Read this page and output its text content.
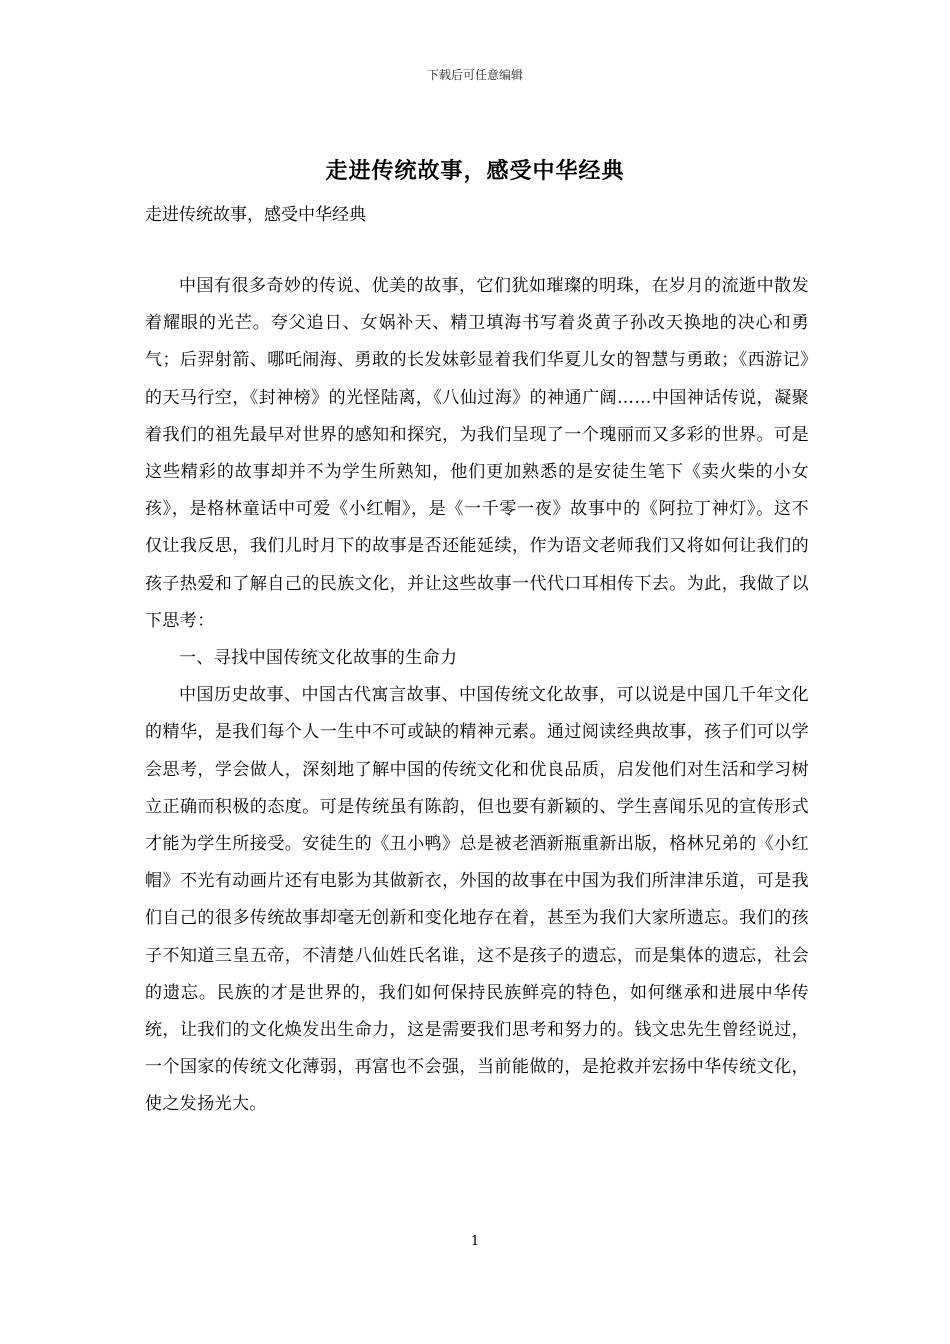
下载后可任意编辑
走进传统故事，感受中华经典
走进传统故事，感受中华经典

中国有很多奇妙的传说、优美的故事，它们犹如璀璨的明珠，在岁月的流逝中散发着耀眼的光芒。夸父追日、女娲补天、精卫填海书写着炎黄子孙改天换地的决心和勇气；后羿射箭、哪吒闹海、勇敢的长发妹彰显着我们华夏儿女的智慧与勇敢；《西游记》的天马行空，《封神榜》的光怪陆离，《八仙过海》的神通广阔……中国神话传说，凝聚着我们的祖先最早对世界的感知和探究，为我们呈现了一个瑰丽而又多彩的世界。可是这些精彩的故事却并不为学生所熟知，他们更加熟悉的是安徒生笔下《卖火柴的小女孩》，是格林童话中可爱《小红帽》，是《一千零一夜》故事中的《阿拉丁神灯》。这不仅让我反思，我们儿时月下的故事是否还能延续，作为语文老师我们又将如何让我们的孩子热爱和了解自己的民族文化，并让这些故事一代代口耳相传下去。为此，我做了以下思考：

一、寻找中国传统文化故事的生命力

中国历史故事、中国古代寓言故事、中国传统文化故事，可以说是中国几千年文化的精华，是我们每个人一生中不可或缺的精神元素。通过阅读经典故事，孩子们可以学会思考，学会做人，深刻地了解中国的传统文化和优良品质，启发他们对生活和学习树立正确而积极的态度。可是传统虽有陈韵，但也要有新颖的、学生喜闻乐见的宣传形式才能为学生所接受。安徒生的《丑小鸭》总是被老酒新瓶重新出版，格林兄弟的《小红帽》不光有动画片还有电影为其做新衣，外国的故事在中国为我们所津津乐道，可是我们自己的很多传统故事却毫无创新和变化地存在着，甚至为我们大家所遗忘。我们的孩子不知道三皇五帝，不清楚八仙姓氏名谁，这不是孩子的遗忘，而是集体的遗忘，社会的遗忘。民族的才是世界的，我们如何保持民族鲜亮的特色，如何继承和进展中华传统，让我们的文化焕发出生命力，这是需要我们思考和努力的。钱文忠先生曾经说过，一个国家的传统文化薄弱，再富也不会强，当前能做的，是抢救并宏扬中华传统文化，使之发扬光大。

1
